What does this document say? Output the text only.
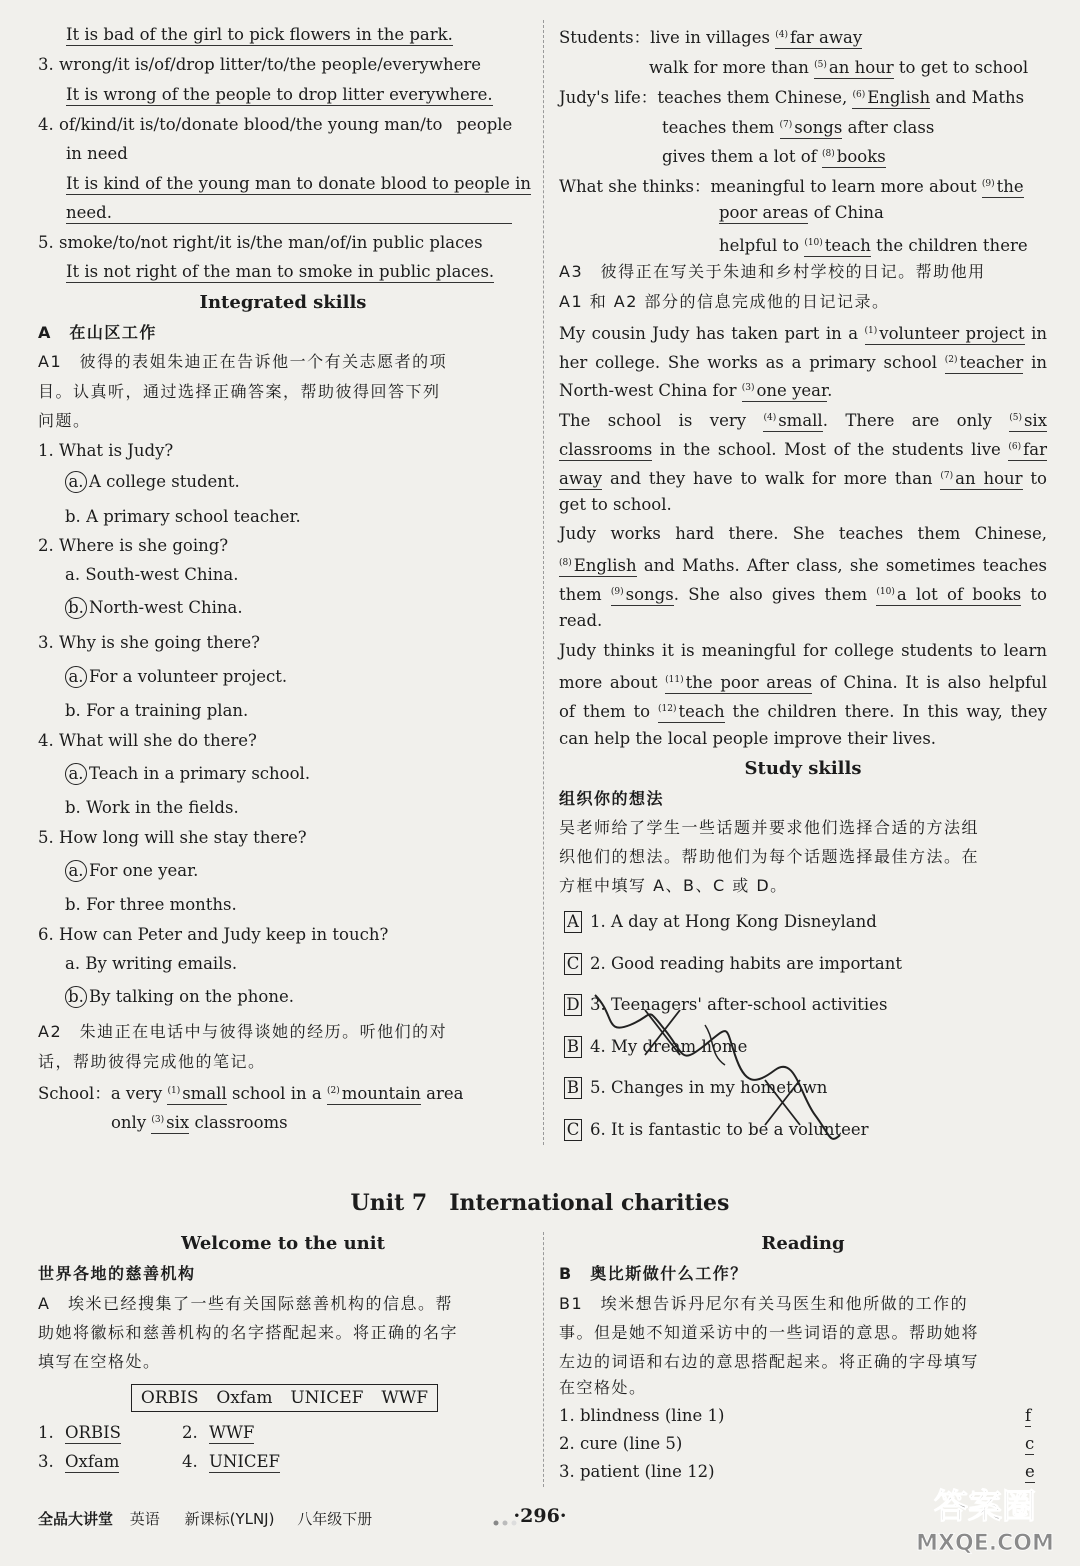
It is bad of the girl to pick flowers in the park.
3. wrong/it is/of/drop litter/to/the people/everywhere
It is wrong of the people to drop litter everywhere.
4. of/kind/it is/to/donate blood/the young man/to people
in need
It is kind of the young man to donate blood to people in
need.
5. smoke/to/not right/it is/the man/of/in public places
It is not right of the man to smoke in public places.
Integrated skills
A　在山区工作
A1　彼得的表姐朱迪正在告诉他一个有关志愿者的项
目。认真听，通过选择正确答案，帮助彼得回答下列
问题。
1. What is Judy?
a. A college student.
b. A primary school teacher.
2. Where is she going?
a. South-west China.
b. North-west China.
3. Why is she going there?
a. For a volunteer project.
b. For a training plan.
4. What will she do there?
a. Teach in a primary school.
b. Work in the fields.
5. How long will she stay there?
a. For one year.
b. For three months.
6. How can Peter and Judy keep in touch?
a. By writing emails.
b. By talking on the phone.
A2　朱迪正在电话中与彼得谈她的经历。听他们的对
话，帮助彼得完成他的笔记。
School：a very $^{(1)}$ small school in a $^{(2)}$ mountain area
only $^{(3)}$ six classrooms
Students：live in villages $^{(4)}$ far away
walk for more than $^{(5)}$ an hour to get to school
Judy's life：teaches them Chinese, $^{(6)}$ English and Maths
teaches them $^{(7)}$ songs after class
gives them a lot of $^{(8)}$ books
What she thinks：meaningful to learn more about $^{(9)}$ the
poor areas of China
helpful to $^{(10)}$ teach the children there
A3　彼得正在写关于朱迪和乡村学校的日记。帮助他用
A1 和 A2 部分的信息完成他的日记记录。
My cousin Judy has taken part in a $^{(1)}$ volunteer project in
her college. She works as a primary school $^{(2)}$ teacher in
North-west China for $^{(3)}$ one year.
The school is very $^{(4)}$ small. There are only $^{(5)}$ six
classrooms in the school. Most of the students live $^{(6)}$ far
away and they have to walk for more than $^{(7)}$ an hour to
get to school.
Judy works hard there. She teaches them Chinese,
$^{(8)}$ English and Maths. After class, she sometimes teaches
them $^{(9)}$ songs. She also gives them $^{(10)}$ a lot of books to
read.
Judy thinks it is meaningful for college students to learn
more about $^{(11)}$ the poor areas of China. It is also helpful
of them to $^{(12)}$ teach the children there. In this way, they
can help the local people improve their lives.
Study skills
组织你的想法
吴老师给了学生一些话题并要求他们选择合适的方法组
织他们的想法。帮助他们为每个话题选择最佳方法。在
方框中填写 A、B、C 或 D。
A 1. A day at Hong Kong Disneyland
C 2. Good reading habits are important
D 3. Teenagers' after-school activities
B 4. My dream home
B 5. Changes in my hometown
C 6. It is fantastic to be a volunteer
Unit 7　International charities
Welcome to the unit
世界各地的慈善机构
A　埃米已经搜集了一些有关国际慈善机构的信息。帮
助她将徽标和慈善机构的名字搭配起来。将正确的名字
填写在空格处。
1. ORBIS	2. WWF
3. Oxfam	4. UNICEF
ORBIS Oxfam UNICEF WWF
Reading
B　奥比斯做什么工作？
B1　埃米想告诉丹尼尔有关马医生和他所做的工作的
事。但是她不知道采访中的一些词语的意思。帮助她将
左边的词语和右边的意思搭配起来。将正确的字母填写
在空格处。
1. blindness (line 1)	f
2. cure (line 5)	c
3. patient (line 12)	e
全品大讲堂 英语 新课标(YLNJ) 八年级下册	·296·	答案圈
MXQE.COM
